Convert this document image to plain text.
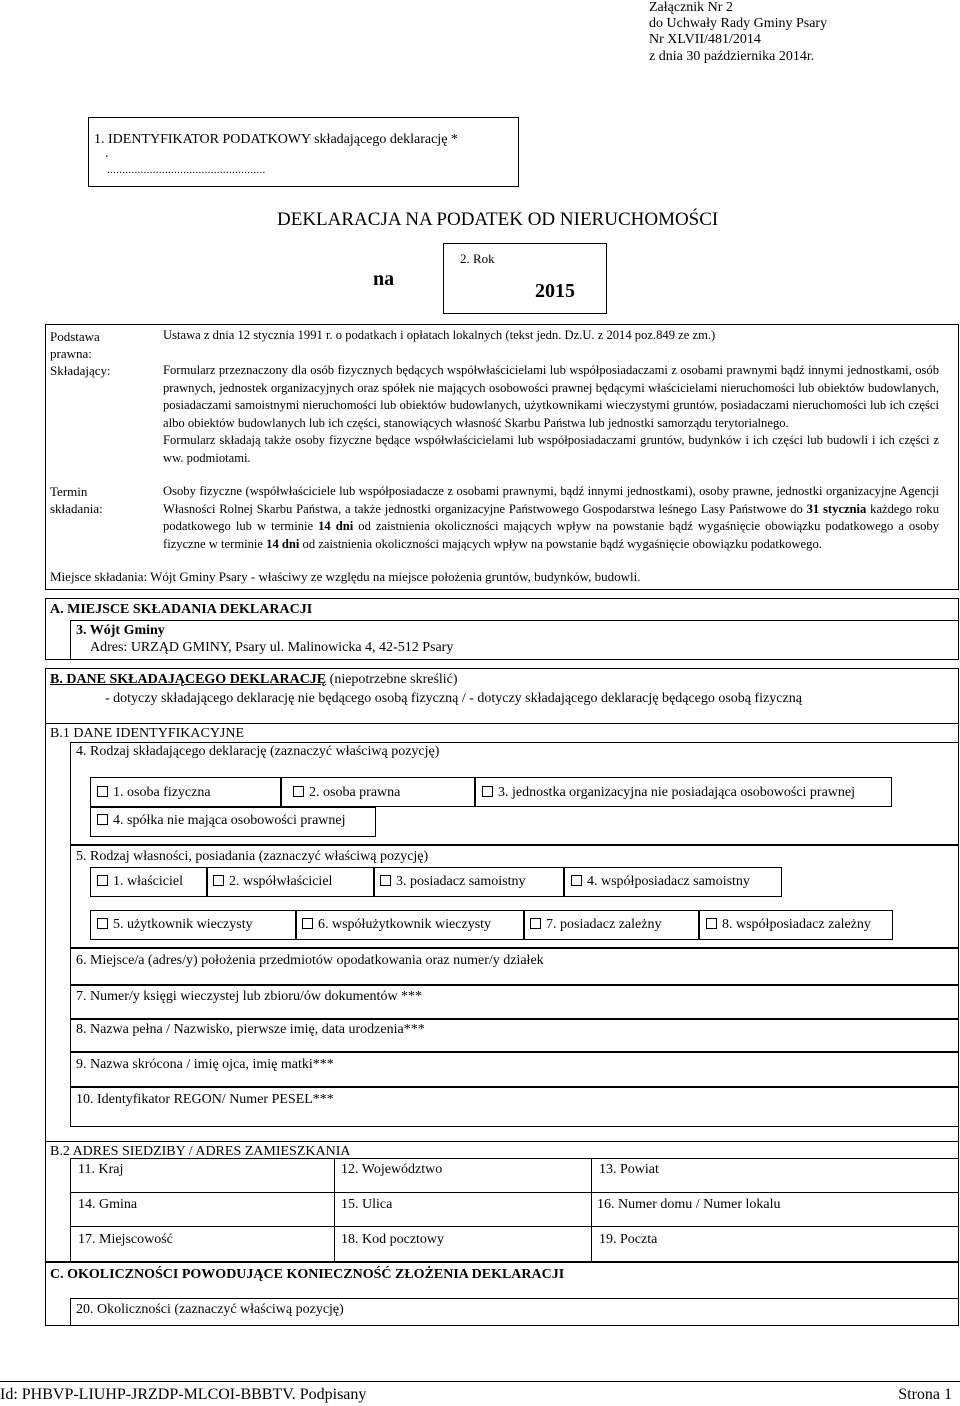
Załącznik Nr 2
do Uchwały Rady Gminy Psary
Nr XLVII/481/2014
z dnia 30 października 2014r.
1. IDENTYFIKATOR PODATKOWY składającego deklarację *
.
....................................................
DEKLARACJA NA PODATEK OD NIERUCHOMOŚCI
na
2. Rok
2015
Podstawa
prawna:
Ustawa z dnia 12 stycznia 1991 r. o podatkach i opłatach lokalnych (tekst jedn. Dz.U. z 2014 poz.849 ze zm.)
Składający:	Formularz przeznaczony dla osób fizycznych będących współwłaścicielami lub współposiadaczami z osobami prawnymi bądź innymi jednostkami, osób prawnych, jednostek organizacyjnych oraz spółek nie mających osobowości prawnej będącymi właścicielami nieruchomości lub obiektów budowlanych, posiadaczami samoistnymi nieruchomości lub obiektów budowlanych, użytkownikami wieczystymi gruntów, posiadaczami nieruchomości lub ich części albo obiektów budowlanych lub ich części, stanowiących własność Skarbu Państwa lub jednostki samorządu terytorialnego.

Formularz składają także osoby fizyczne będące współwłaścicielami lub współposiadaczami gruntów, budynków i ich części lub budowli i ich części z ww. podmiotami.

Termin
składania:

Osoby fizyczne (współwłaściciele lub współposiadacze z osobami prawnymi, bądź innymi jednostkami), osoby prawne, jednostki organizacyjne Agencji Własności Rolnej Skarbu Państwa, a także jednostki organizacyjne Państwowego Gospodarstwa leśnego Lasy Państwowe do 31 stycznia każdego roku podatkowego lub w terminie 14 dni od zaistnienia okoliczności mających wpływ na powstanie bądź wygaśnięcie obowiązku podatkowego a osoby fizyczne w terminie 14 dni od zaistnienia okoliczności mających wpływ na powstanie bądź wygaśnięcie obowiązku podatkowego.

Miejsce składania: Wójt Gminy Psary - właściwy ze względu na miejsce położenia gruntów, budynków, budowli.
A. MIEJSCE SKŁADANIA DEKLARACJI
3. Wójt Gminy
Adres: URZĄD GMINY, Psary ul. Malinowicka 4, 42-512 Psary
B. DANE SKŁADAJĄCEGO DEKLARACJĘ (niepotrzebne skreślić)
- dotyczy składającego deklarację nie będącego osobą fizyczną / - dotyczy składającego deklarację będącego osobą fizyczną
B.1 DANE IDENTYFIKACYJNE
4. Rodzaj składającego deklarację (zaznaczyć właściwą pozycję)
1. osoba fizyczna	2. osoba prawna	3. jednostka organizacyjna nie posiadająca osobowości prawnej
4. spółka nie mająca osobowości prawnej
5. Rodzaj własności, posiadania (zaznaczyć właściwą pozycję)
1. właściciel	2. współwłaściciel	3. posiadacz samoistny	4. współposiadacz samoistny
5. użytkownik wieczysty	6. współużytkownik wieczysty	7. posiadacz zależny	8. współposiadacz zależny
6. Miejsce/a (adres/y) położenia przedmiotów opodatkowania oraz numer/y działek
7. Numer/y księgi wieczystej lub zbioru/ów dokumentów ***
8. Nazwa pełna / Nazwisko, pierwsze imię, data urodzenia***
9. Nazwa skrócona / imię ojca, imię matki***
10. Identyfikator REGON/ Numer PESEL***
B.2 ADRES SIEDZIBY / ADRES ZAMIESZKANIA
11. Kraj	12. Województwo	13. Powiat
14. Gmina	15. Ulica	16. Numer domu / Numer lokalu
17. Miejscowość	18. Kod pocztowy	19. Poczta
C. OKOLICZNOŚCI POWODUJĄCE KONIECZNOŚĆ ZŁOŻENIA DEKLARACJI
20. Okoliczności (zaznaczyć właściwą pozycję)
Id: PHBVP-LIUHP-JRZDP-MLCOI-BBBTV. Podpisany	Strona 1
